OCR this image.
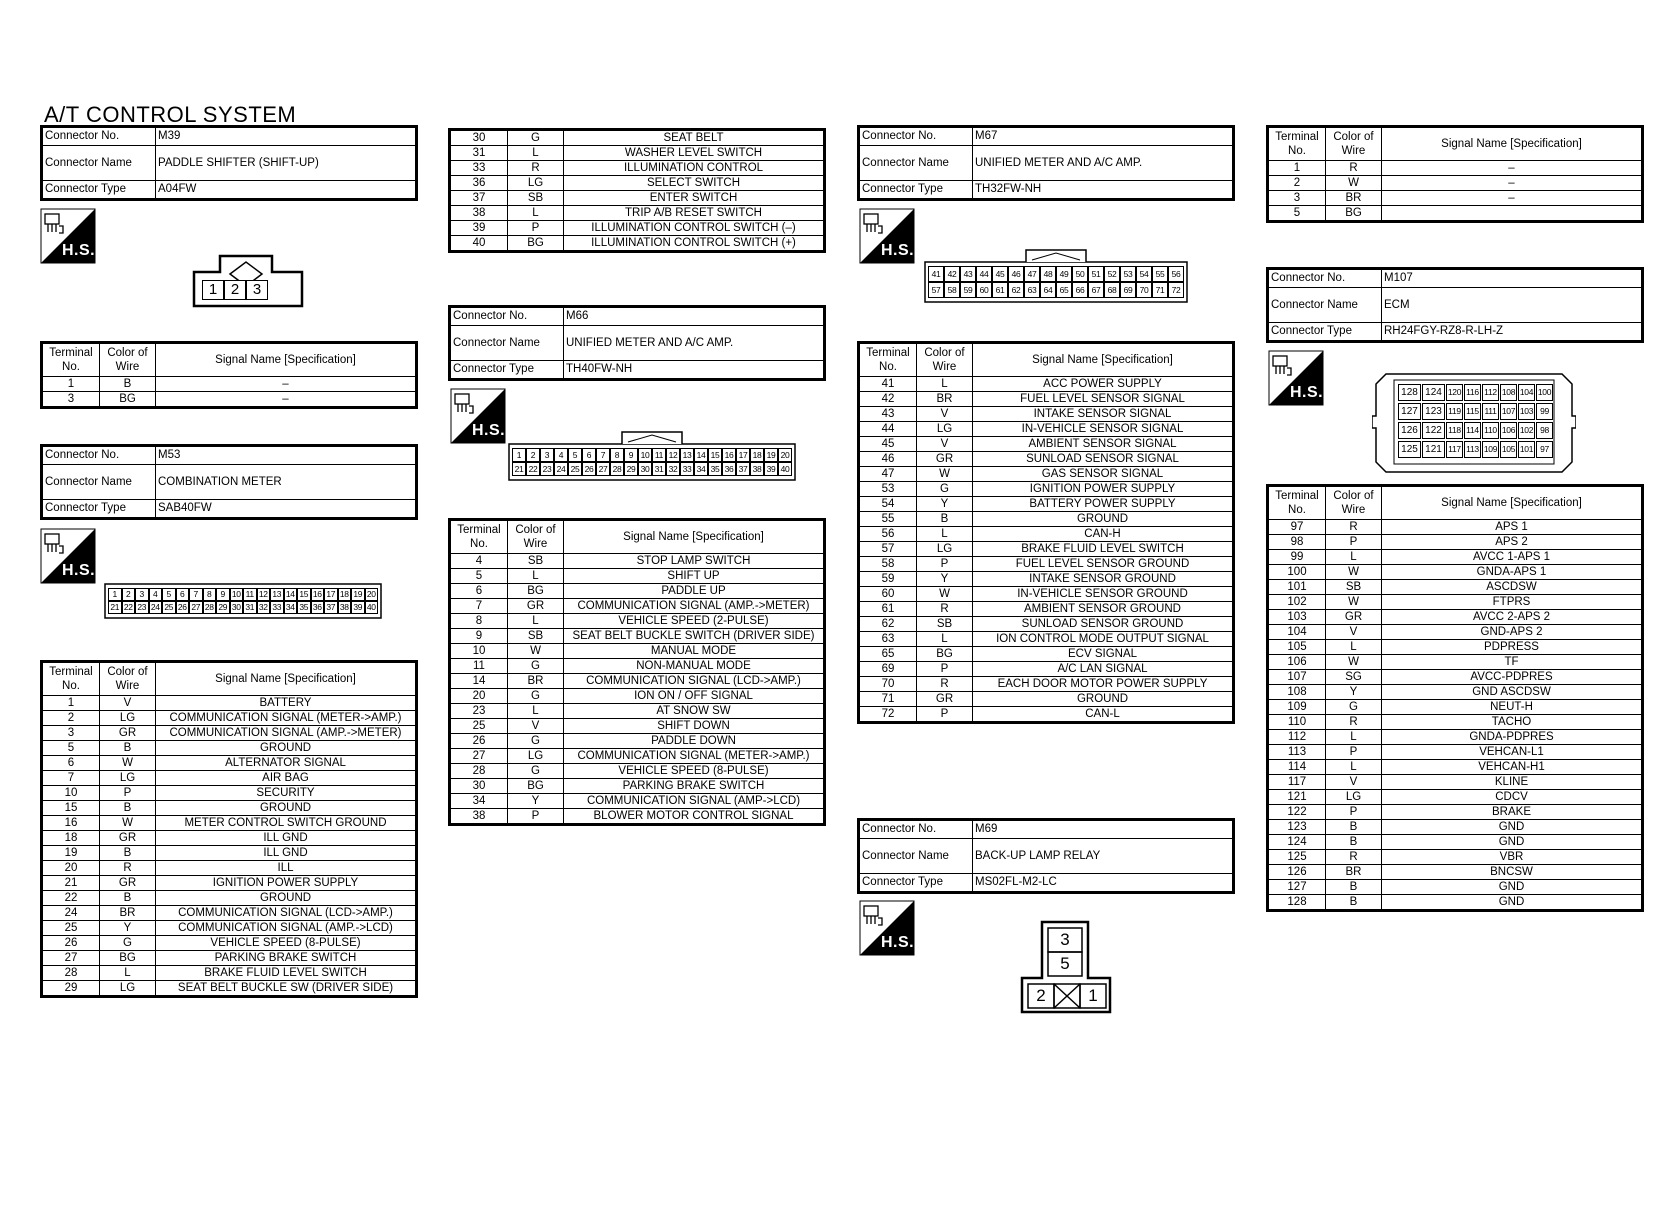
A/T CONTROL SYSTEM
Connector No.	M39
Connector Name	PADDLE SHIFTER (SHIFT-UP)
Connector Type	A04FW
H.S.
1 2 3
Terminal No.	Color of Wire	Signal Name [Specification]
1	B	–
3	BG	–
Connector No.	M53
Connector Name	COMBINATION METER
Connector Type	SAB40FW
H.S.
1	2	3	4	5	6	7	8	9 10 11 12 13 14 15 16 17 18 19 20
21 22 23 24 25 26 27 28 29 30 31 32 33 34 35 36 37 38 39 40
Terminal No.	Color of Wire	Signal Name [Specification]
1	V	BATTERY
2	LG	COMMUNICATION SIGNAL (METER->AMP.)
3	GR	COMMUNICATION SIGNAL (AMP.->METER)
5	B	GROUND
6	W	ALTERNATOR SIGNAL
7	LG	AIR BAG
10	P	SECURITY
15	B	GROUND
16	W	METER CONTROL SWITCH GROUND
18	GR	ILL GND
19	B	ILL GND
20	R	ILL
21	GR	IGNITION POWER SUPPLY
22	B	GROUND
24	BR	COMMUNICATION SIGNAL (LCD->AMP.)
25	Y	COMMUNICATION SIGNAL (AMP.->LCD)
26	G	VEHICLE SPEED (8-PULSE)
27	BG	PARKING BRAKE SWITCH
28	L	BRAKE FLUID LEVEL SWITCH
29	LG	SEAT BELT BUCKLE SW (DRIVER SIDE)
30	G	SEAT BELT
31	L	WASHER LEVEL SWITCH
33	R	ILLUMINATION CONTROL
36	LG	SELECT SWITCH
37	SB	ENTER SWITCH
38	L	TRIP A/B RESET SWITCH
39	P	ILLUMINATION CONTROL SWITCH (–)
40	BG	ILLUMINATION CONTROL SWITCH (+)
Connector No.	M66
Connector Name	UNIFIED METER AND A/C AMP.
Connector Type	TH40FW-NH
H.S.
1	2	3	4	5	6	7	8	9 10 11 12 13 14 15 16 17 18 19 20
21 22 23 24 25 26 27 28 29 30 31 32 33 34 35 36 37 38 39 40
Terminal No.	Color of Wire	Signal Name [Specification]
4	SB	STOP LAMP SWITCH
5	L	SHIFT UP
6	BG	PADDLE UP
7	GR	COMMUNICATION SIGNAL (AMP.->METER)
8	L	VEHICLE SPEED (2-PULSE)
9	SB	SEAT BELT BUCKLE SWITCH (DRIVER SIDE)
10	W	MANUAL MODE
11	G	NON-MANUAL MODE
14	BR	COMMUNICATION SIGNAL (LCD->AMP.)
20	G	ION ON / OFF SIGNAL
23	L	AT SNOW SW
25	V	SHIFT DOWN
26	G	PADDLE DOWN
27	LG	COMMUNICATION SIGNAL (METER->AMP.)
28	G	VEHICLE SPEED (8-PULSE)
30	BG	PARKING BRAKE SWITCH
34	Y	COMMUNICATION SIGNAL (AMP->LCD)
38	P	BLOWER MOTOR CONTROL SIGNAL
Connector No.	M67
Connector Name	UNIFIED METER AND A/C AMP.
Connector Type	TH32FW-NH
H.S.
41 42 43 44 45 46 47 48 49 50 51 52 53 54 55 56
57 58 59 60 61 62 63 64 65 66 67 68 69 70 71 72
Terminal No.	Color of Wire	Signal Name [Specification]
41	L	ACC POWER SUPPLY
42	BR	FUEL LEVEL SENSOR SIGNAL
43	V	INTAKE SENSOR SIGNAL
44	LG	IN-VEHICLE SENSOR SIGNAL
45	V	AMBIENT SENSOR SIGNAL
46	GR	SUNLOAD SENSOR SIGNAL
47	W	GAS SENSOR SIGNAL
53	G	IGNITION POWER SUPPLY
54	Y	BATTERY POWER SUPPLY
55	B	GROUND
56	L	CAN-H
57	LG	BRAKE FLUID LEVEL SWITCH
58	P	FUEL LEVEL SENSOR GROUND
59	Y	INTAKE SENSOR GROUND
60	W	IN-VEHICLE SENSOR GROUND
61	R	AMBIENT SENSOR GROUND
62	SB	SUNLOAD SENSOR GROUND
63	L	ION CONTROL MODE OUTPUT SIGNAL
65	BG	ECV SIGNAL
69	P	A/C LAN SIGNAL
70	R	EACH DOOR MOTOR POWER SUPPLY
71	GR	GROUND
72	P	CAN-L
Connector No.	M69
Connector Name	BACK-UP LAMP RELAY
Connector Type	MS02FL-M2-LC
H.S.	3
5
2	1
Terminal No.	Color of Wire	Signal Name [Specification]
1	R	–
2	W	–
3	BR	–
5	BG	
Connector No.	M107
Connector Name	ECM
Connector Type	RH24FGY-RZ8-R-LH-Z
H.S.	128 124 120 116 112 108 104 100
127 123 119 115 111 107 103 99
126 122 118 114 110 106 102 98
125 121 117 113 109 105 101 97
Terminal No.	Color of Wire	Signal Name [Specification]
97	R	APS 1
98	P	APS 2
99	L	AVCC 1-APS 1
100	W	GNDA-APS 1
101	SB	ASCDSW
102	W	FTPRS
103	GR	AVCC 2-APS 2
104	V	GND-APS 2
105	L	PDPRESS
106	W	TF
107	SG	AVCC-PDPRES
108	Y	GND ASCDSW
109	G	NEUT-H
110	R	TACHO
112	L	GNDA-PDPRES
113	P	VEHCAN-L1
114	L	VEHCAN-H1
117	V	KLINE
121	LG	CDCV
122	P	BRAKE
123	B	GND
124	B	GND
125	R	VBR
126	BR	BNCSW
127	B	GND
128	B	GND
